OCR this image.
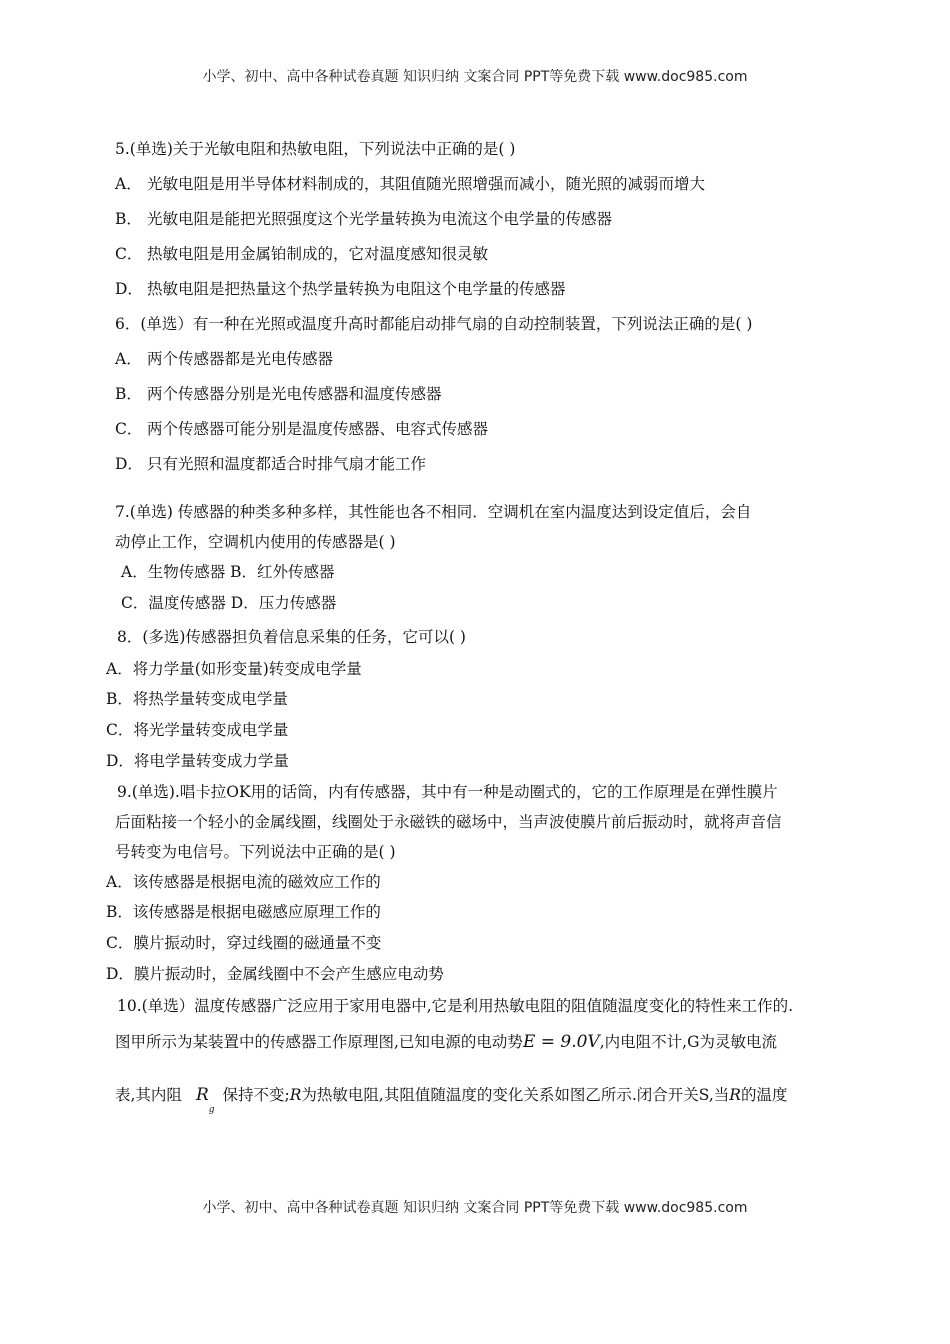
小学、初中、高中各种试卷真题 知识归纳 文案合同 PPT等免费下载 www.doc985.com
5.(单选)关于光敏电阻和热敏电阻，下列说法中正确的是( )
A． 光敏电阻是用半导体材料制成的，其阻值随光照增强而减小，随光照的减弱而增大
B． 光敏电阻是能把光照强度这个光学量转换为电流这个电学量的传感器
C． 热敏电阻是用金属铂制成的，它对温度感知很灵敏
D． 热敏电阻是把热量这个热学量转换为电阻这个电学量的传感器
6．(单选）有一种在光照或温度升高时都能启动排气扇的自动控制装置，下列说法正确的是( )
A． 两个传感器都是光电传感器
B． 两个传感器分别是光电传感器和温度传感器
C． 两个传感器可能分别是温度传感器、电容式传感器
D． 只有光照和温度都适合时排气扇才能工作
7.(单选) 传感器的种类多种多样，其性能也各不相同．空调机在室内温度达到设定值后，会自
动停止工作，空调机内使用的传感器是( )
A．生物传感器 B．红外传感器
C．温度传感器 D．压力传感器
8．(多选)传感器担负着信息采集的任务，它可以( )
A．将力学量(如形变量)转变成电学量
B．将热学量转变成电学量
C．将光学量转变成电学量
D．将电学量转变成力学量
9.(单选).唱卡拉OK用的话筒，内有传感器，其中有一种是动圈式的，它的工作原理是在弹性膜片
后面粘接一个轻小的金属线圈，线圈处于永磁铁的磁场中，当声波使膜片前后振动时，就将声音信
号转变为电信号。下列说法中正确的是( )
A．该传感器是根据电流的磁效应工作的
B．该传感器是根据电磁感应原理工作的
C．膜片振动时，穿过线圈的磁通量不变
D．膜片振动时，金属线圈中不会产生感应电动势
10.(单选）温度传感器广泛应用于家用电器中,它是利用热敏电阻的阻值随温度变化的特性来工作的.
图甲所示为某装置中的传感器工作原理图,已知电源的电动势E = 9.0V,内电阻不计,G为灵敏电流
表,其内阻 $R_g$保持不变;R为热敏电阻,其阻值随温度的变化关系如图乙所示.闭合开关S,当R的温度
小学、初中、高中各种试卷真题 知识归纳 文案合同 PPT等免费下载 www.doc985.com
